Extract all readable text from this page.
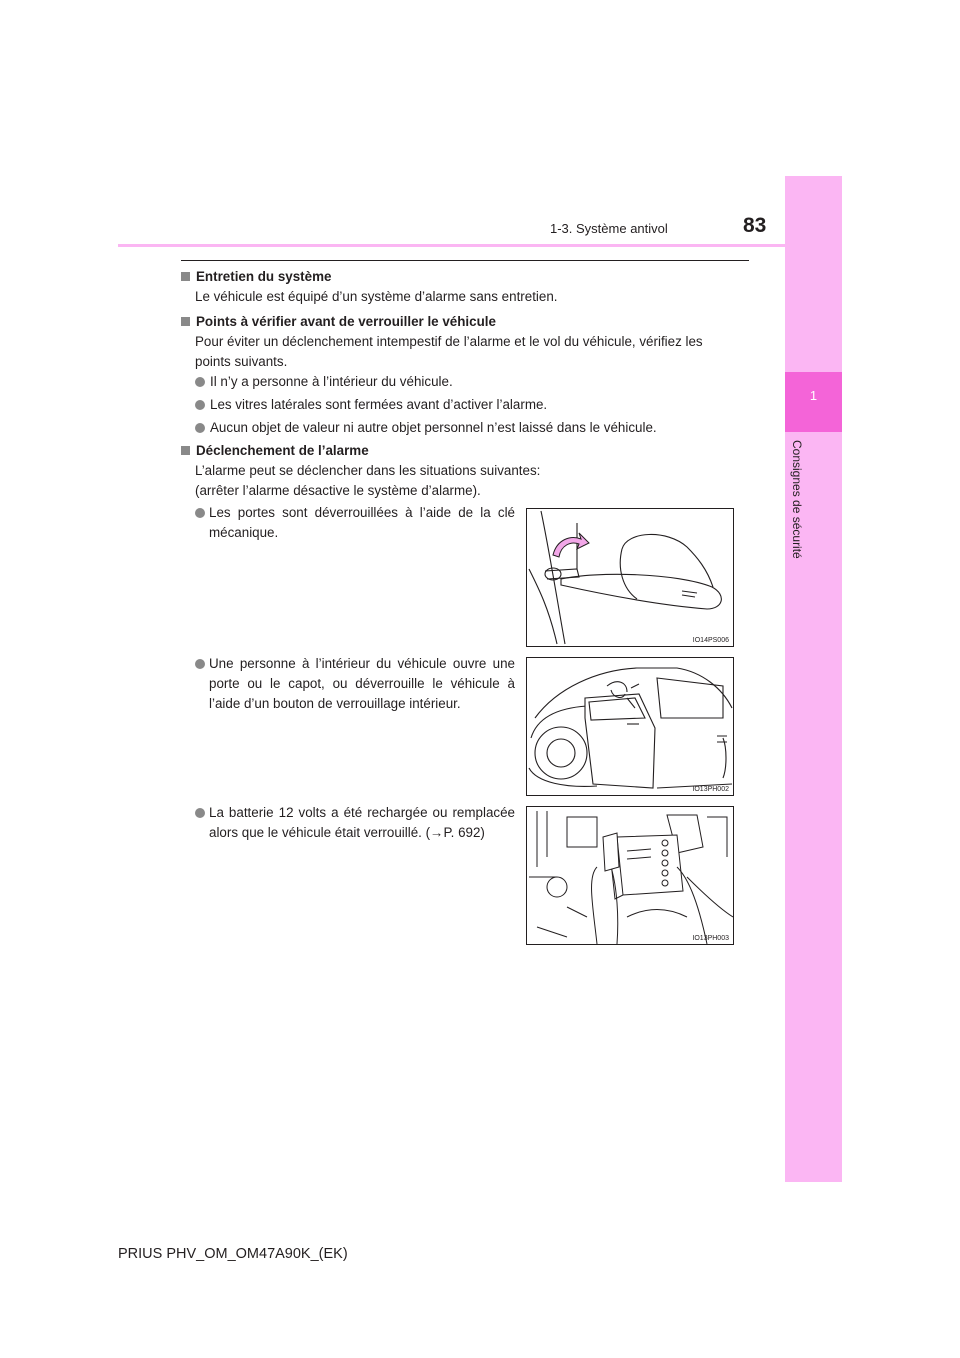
1
Consignes de sécurité
1-3. Système antivol	83
Entretien du système
Le véhicule est équipé d’un système d’alarme sans entretien.
Points à vérifier avant de verrouiller le véhicule
Pour éviter un déclenchement intempestif de l’alarme et le vol du véhicule, vérifiez les
points suivants.
Il n’y a personne à l’intérieur du véhicule.
Les vitres latérales sont fermées avant d’activer l’alarme.
Aucun objet de valeur ni autre objet personnel n’est laissé dans le véhicule.
Déclenchement de l’alarme
L’alarme peut se déclencher dans les situations suivantes:
(arrêter l’alarme désactive le système d’alarme).
Les portes sont déverrouillées à l’aide de la clé mécanique.
Une personne à l’intérieur du véhicule ouvre une porte ou le capot, ou déverrouille le véhicule à l’aide d’un bouton de verrouillage intérieur.
La batterie 12 volts a été rechargée ou remplacée alors que le véhicule était verrouillé. (→P. 692)
IO14PS006
IO13PH002
IO13PH003
PRIUS PHV_OM_OM47A90K_(EK)
